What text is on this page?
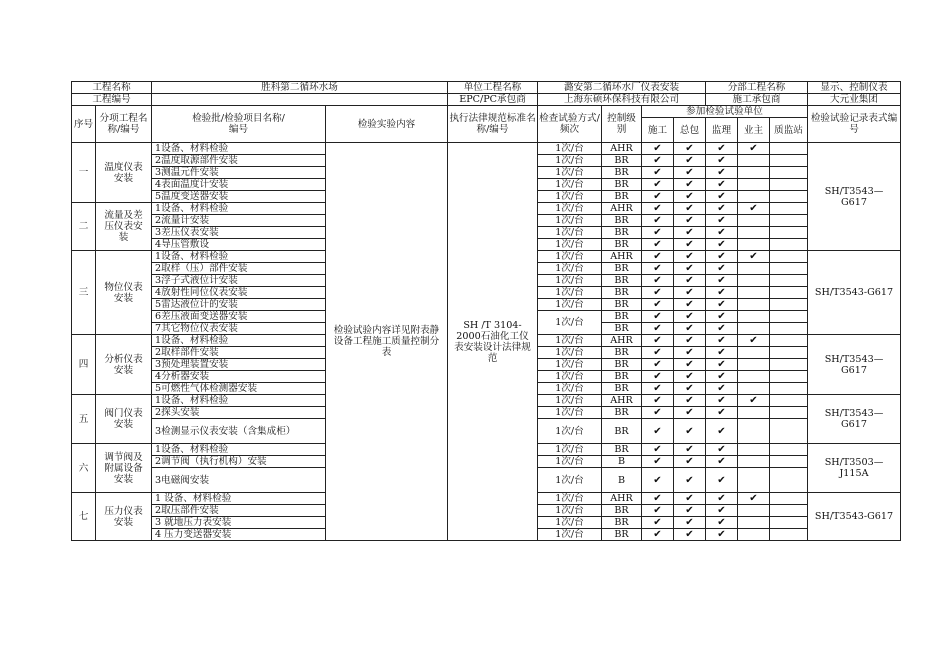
工程名称		胜科第二循环水场		单位工程名称	潞安第二循环水厂仪表安装				分部工程名称			显示、控制仪表
工程编号				EPC/PC承包商	上海东硕环保科技有限公司				施工承包商			大元业集团
序号	分项工程名称/编号	检验批/检验项目名称/编号	检验实验内容	执行法律规范标准名称/编号	检查试验方式/频次	控制级别	参加检验试验单位					检验试验记录表式编号
							施工	总包	监理	业主	质监站	
一	温度仪表安装	1设备、材料检验	检验试验内容详见附表静设备工程施工质量控制分表	SH /T 3104-2000石油化工仪表安装设计法律规范	1次/台	AHR	✔	✔	✔	✔		SH/T3543—G617
		2温度取源部件安装			1次/台	BR	✔	✔	✔			
		3测温元件安装			1次/台	BR	✔	✔	✔			
		4表面温度计安装			1次/台	BR	✔	✔	✔			
		5温度变送器安装			1次/台	BR	✔	✔	✔			
二	流量及差压仪表安装	1设备、材料检验			1次/台	AHR	✔	✔	✔	✔		
		2流量计安装			1次/台	BR	✔	✔	✔			
		3差压仪表安装			1次/台	BR	✔	✔	✔			
		4导压管敷设			1次/台	BR	✔	✔	✔			
三	物位仪表安装	1设备、材料检验			1次/台	AHR	✔	✔	✔	✔		SH/T3543-G617
		2取样（压）部件安装			1次/台	BR	✔	✔	✔			
		3浮子式液位计安装			1次/台	BR	✔	✔	✔			
		4放射性同位仪表安装			1次/台	BR	✔	✔	✔			
		5雷达液位计的安装			1次/台	BR	✔	✔	✔			
		6差压液面变送器安装			1次/台	BR	✔	✔	✔			
		7其它物位仪表安装				BR	✔	✔	✔			
四	分析仪表安装	1设备、材料检验			1次/台	AHR	✔	✔	✔	✔		SH/T3543—G617
		2取样部件安装			1次/台	BR	✔	✔	✔			
		3预处理装置安装			1次/台	BR	✔	✔	✔			
		4分析器安装			1次/台	BR	✔	✔	✔			
		5可燃性气体检测器安装			1次/台	BR	✔	✔	✔			
五	阀门仪表安装	1设备、材料检验			1次/台	AHR	✔	✔	✔	✔		SH/T3543—G617
		2探头安装			1次/台	BR	✔	✔	✔			
		3检测显示仪表安装（含集成柜）			1次/台	BR	✔	✔	✔			
六	调节阀及附属设备安装	1设备、材料检验			1次/台	BR	✔	✔	✔			SH/T3503—J115A
		2调节阀（执行机构）安装			1次/台	B	✔	✔	✔			
		3电磁阀安装			1次/台	B	✔	✔	✔			
七	压力仪表安装	1 设备、材料检验			1次/台	AHR	✔	✔	✔	✔		SH/T3543-G617
		2取压部件安装			1次/台	BR	✔	✔	✔			
		3 就地压力表安装			1次/台	BR	✔	✔	✔			
		4 压力变送器安装			1次/台	BR	✔	✔	✔			
